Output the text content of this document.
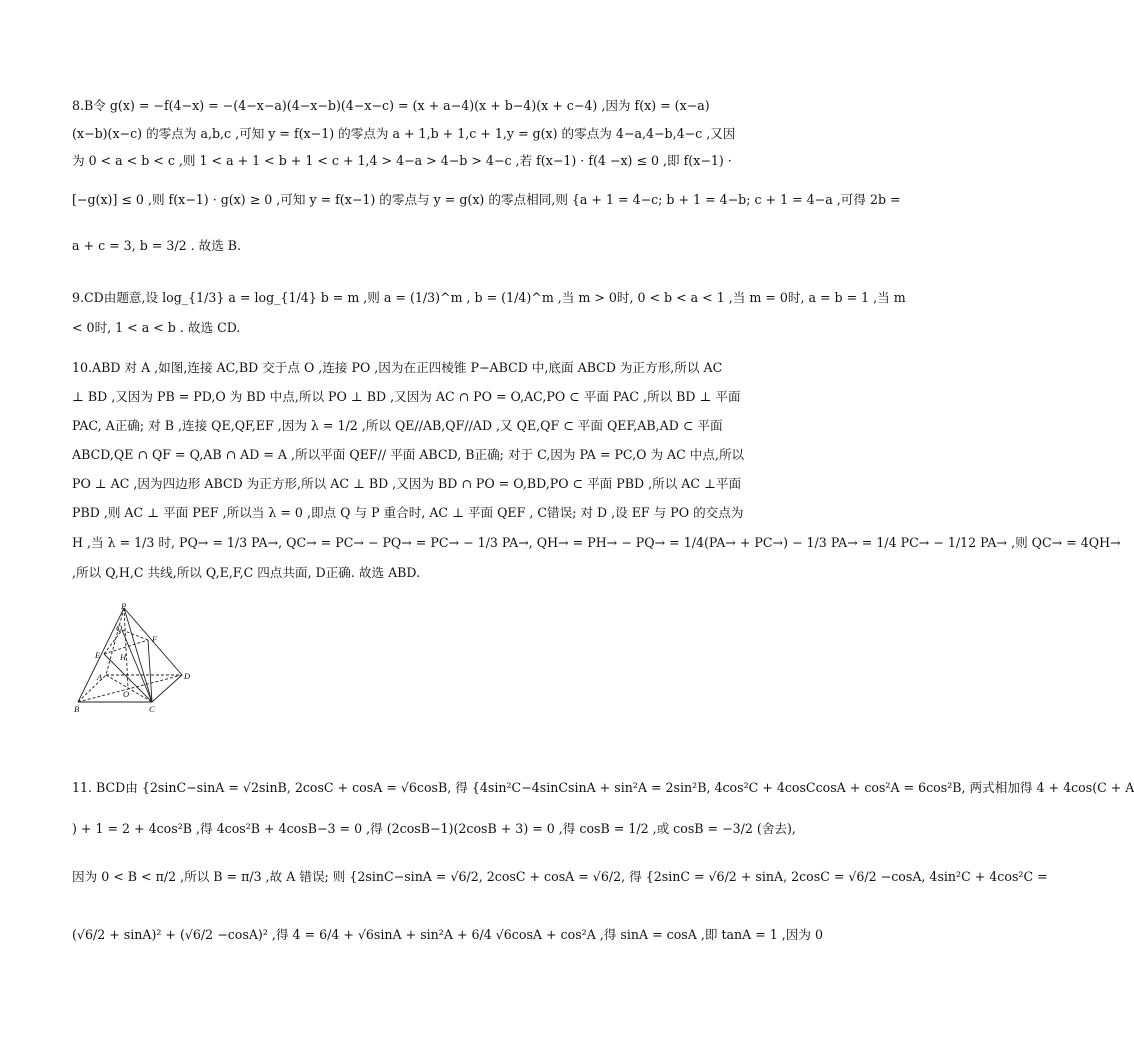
8.B令 g(x) = −f(4−x) = −(4−x−a)(4−x−b)(4−x−c) = (x + a−4)(x + b−4)(x + c−4) ,因为 f(x) = (x−a)
(x−b)(x−c) 的零点为 a,b,c ,可知 y = f(x−1) 的零点为 a + 1,b + 1,c + 1,y = g(x) 的零点为 4−a,4−b,4−c ,又因
为 0 < a < b < c ,则 1 < a + 1 < b + 1 < c + 1,4 > 4−a > 4−b > 4−c ,若 f(x−1) · f(4 −x) ≤ 0 ,即 f(x−1) ·
[−g(x)] ≤ 0 ,则 f(x−1) · g(x) ≥ 0 ,可知 y = f(x−1) 的零点与 y = g(x) 的零点相同,则 {a + 1 = 4−c; b + 1 = 4−b; c + 1 = 4−a ,可得 2b =
a + c = 3, b = 3/2 . 故选 B.
9.CD由题意,设 log_{1/3} a = log_{1/4} b = m ,则 a = (1/3)^m , b = (1/4)^m ,当 m > 0时, 0 < b < a < 1 ,当 m = 0时, a = b = 1 ,当 m
< 0时, 1 < a < b . 故选 CD.
10.ABD 对 A ,如图,连接 AC,BD 交于点 O ,连接 PO ,因为在正四棱锥 P−ABCD 中,底面 ABCD 为正方形,所以 AC
⊥ BD ,又因为 PB = PD,O 为 BD 中点,所以 PO ⊥ BD ,又因为 AC ∩ PO = O,AC,PO ⊂ 平面 PAC ,所以 BD ⊥ 平面
PAC, A正确; 对 B ,连接 QE,QF,EF ,因为 λ = 1/2 ,所以 QE//AB,QF//AD ,又 QE,QF ⊂ 平面 QEF,AB,AD ⊂ 平面
ABCD,QE ∩ QF = Q,AB ∩ AD = A ,所以平面 QEF// 平面 ABCD, B正确; 对于 C,因为 PA = PC,O 为 AC 中点,所以
PO ⊥ AC ,因为四边形 ABCD 为正方形,所以 AC ⊥ BD ,又因为 BD ∩ PO = O,BD,PO ⊂ 平面 PBD ,所以 AC ⊥平面
PBD ,则 AC ⊥ 平面 PEF ,所以当 λ = 0 ,即点 Q 与 P 重合时, AC ⊥ 平面 QEF , C错误; 对 D ,设 EF 与 PO 的交点为
H ,当 λ = 1/3 时, PQ→ = 1/3 PA→, QC→ = PC→ − PQ→ = PC→ − 1/3 PA→, QH→ = PH→ − PQ→ = 1/4(PA→ + PC→) − 1/3 PA→ = 1/4 PC→ − 1/12 PA→ ,则 QC→ = 4QH→
,所以 Q,H,C 共线,所以 Q,E,F,C 四点共面, D正确. 故选 ABD.
P
Q
F
E H
A
O
D
B	C
11. BCD由 {2sinC−sinA = √2sinB, 2cosC + cosA = √6cosB, 得 {4sin²C−4sinCsinA + sin²A = 2sin²B, 4cos²C + 4cosCcosA + cos²A = 6cos²B, 两式相加得 4 + 4cos(C + A
) + 1 = 2 + 4cos²B ,得 4cos²B + 4cosB−3 = 0 ,得 (2cosB−1)(2cosB + 3) = 0 ,得 cosB = 1/2 ,或 cosB = −3/2 (舍去),
因为 0 < B < π/2 ,所以 B = π/3 ,故 A 错误; 则 {2sinC−sinA = √6/2, 2cosC + cosA = √6/2, 得 {2sinC = √6/2 + sinA, 2cosC = √6/2 −cosA, 4sin²C + 4cos²C =
(√6/2 + sinA)² + (√6/2 −cosA)² ,得 4 = 6/4 + √6sinA + sin²A + 6/4 √6cosA + cos²A ,得 sinA = cosA ,即 tanA = 1 ,因为 0
